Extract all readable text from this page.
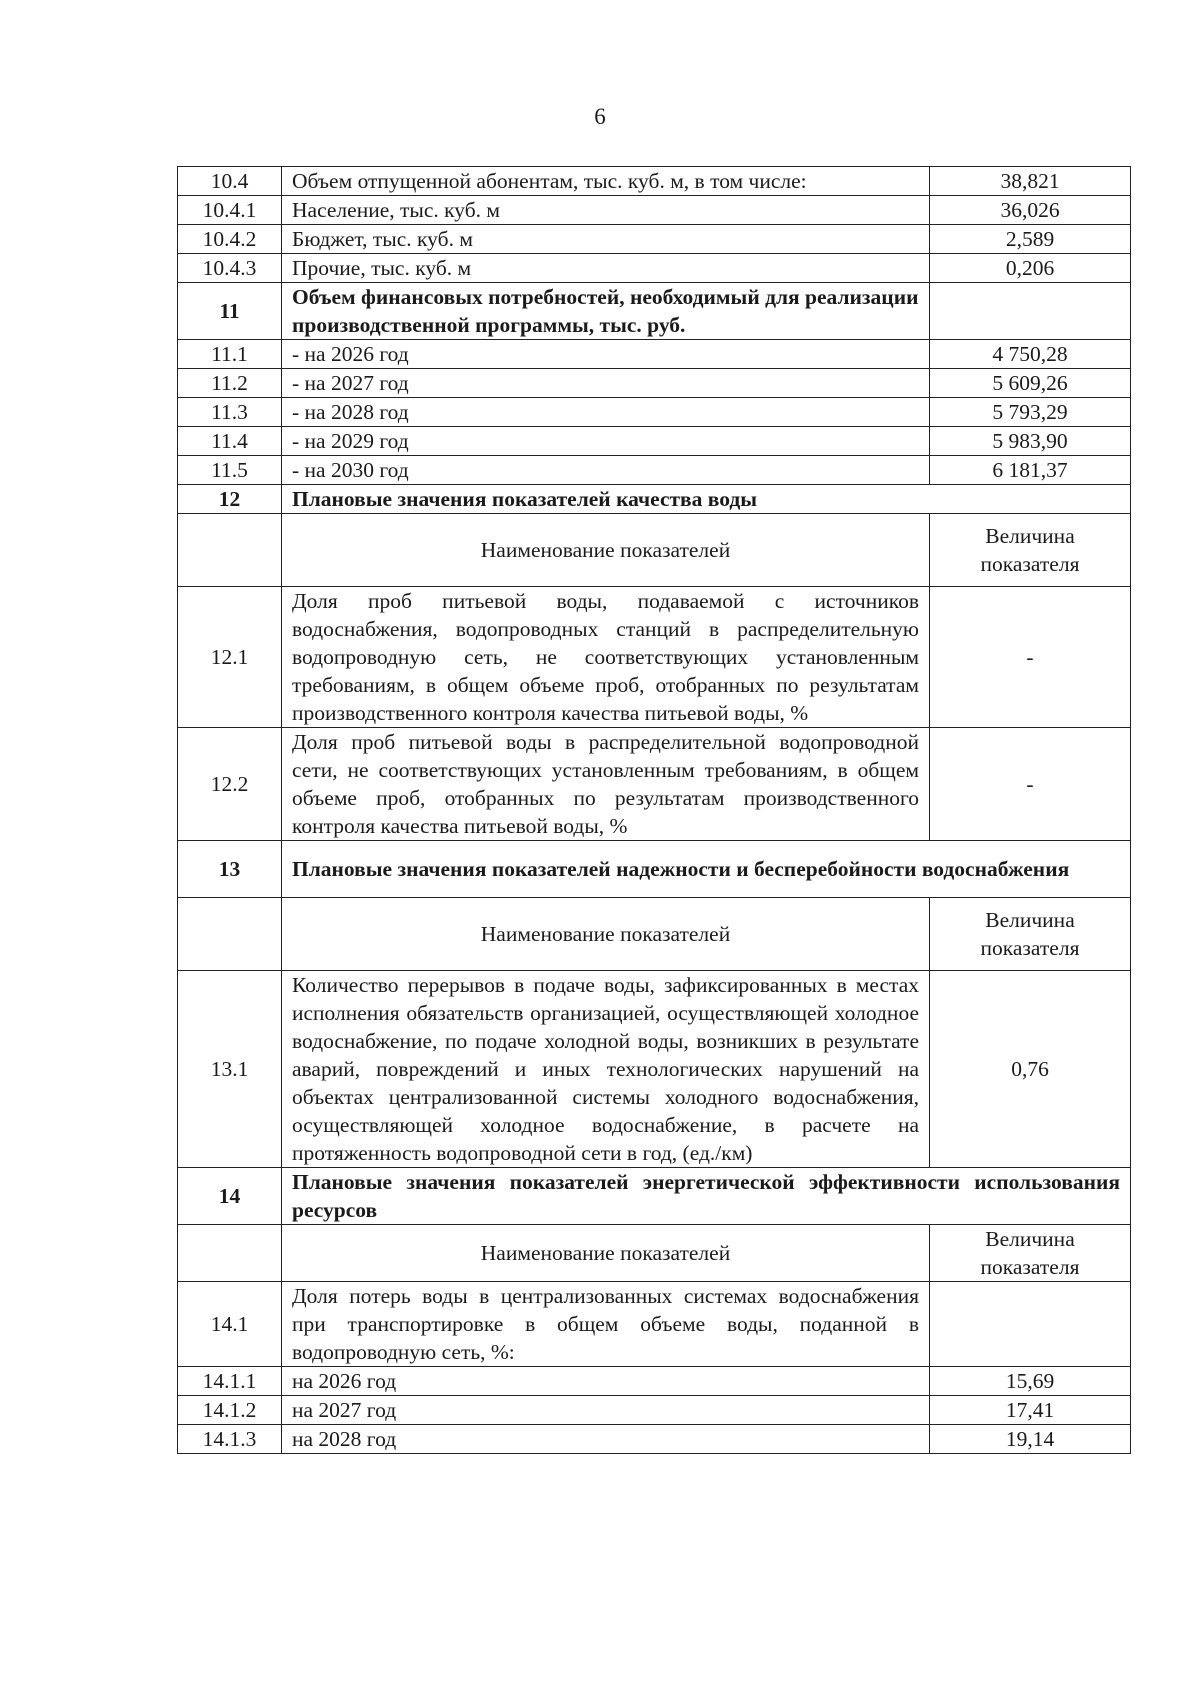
6
10.4	Объем отпущенной абонентам, тыс. куб. м, в том числе:	38,821
10.4.1	Население, тыс. куб. м	36,026
10.4.2	Бюджет, тыс. куб. м	2,589
10.4.3	Прочие, тыс. куб. м	0,206
11	Объем финансовых потребностей, необходимый для реализации производственной программы, тыс. руб.	
11.1	- на 2026 год	4 750,28
11.2	- на 2027 год	5 609,26
11.3	- на 2028 год	5 793,29
11.4	- на 2029 год	5 983,90
11.5	- на 2030 год	6 181,37
12	Плановые значения показателей качества воды	
	Наименование показателей	Величина показателя
12.1	Доля проб питьевой воды, подаваемой с источников водоснабжения, водопроводных станций в распределительную водопроводную сеть, не соответствующих установленным требованиям, в общем объеме проб, отобранных по результатам производственного контроля качества питьевой воды, %	-
12.2	Доля проб питьевой воды в распределительной водопроводной сети, не соответствующих установленным требованиям, в общем объеме проб, отобранных по результатам производственного контроля качества питьевой воды, %	-
13	Плановые значения показателей надежности и бесперебойности водоснабжения	
	Наименование показателей	Величина показателя
13.1	Количество перерывов в подаче воды, зафиксированных в местах исполнения обязательств организацией, осуществляющей холодное водоснабжение, по подаче холодной воды, возникших в результате аварий, повреждений и иных технологических нарушений на объектах централизованной системы холодного водоснабжения, осуществляющей холодное водоснабжение, в расчете на протяженность водопроводной сети в год, (ед./км)	0,76
14	Плановые значения показателей энергетической эффективности использования ресурсов	
	Наименование показателей	Величина показателя
14.1	Доля потерь воды в централизованных системах водоснабжения при транспортировке в общем объеме воды, поданной в водопроводную сеть, %:	
14.1.1	на 2026 год	15,69
14.1.2	на 2027 год	17,41
14.1.3	на 2028 год	19,14
